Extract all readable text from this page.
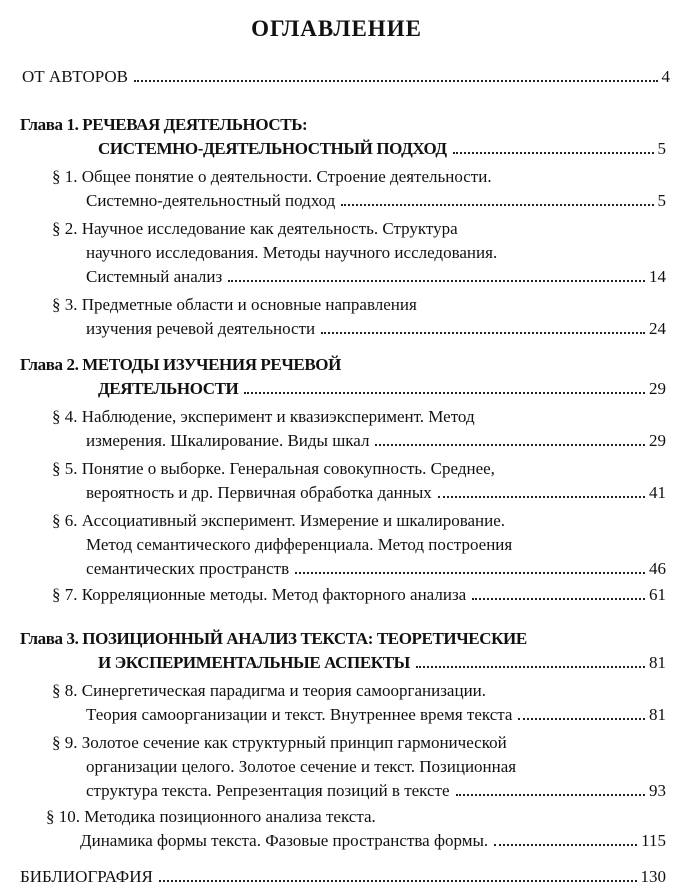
ОГЛАВЛЕНИЕ
ОТ АВТОРОВ	4
Глава 1. РЕЧЕВАЯ ДЕЯТЕЛЬНОСТЬ:
СИСТЕМНО-ДЕЯТЕЛЬНОСТНЫЙ ПОДХОД	5
§ 1. Общее понятие о деятельности. Строение деятельности.
Системно-деятельностный подход	5
§ 2. Научное исследование как деятельность. Структура
научного исследования. Методы научного исследования.
Системный анализ	14
§ 3. Предметные области и основные направления
изучения речевой деятельности	24
Глава 2. МЕТОДЫ ИЗУЧЕНИЯ РЕЧЕВОЙ
ДЕЯТЕЛЬНОСТИ	29
§ 4. Наблюдение, эксперимент и квазиэксперимент. Метод
измерения. Шкалирование. Виды шкал	29
§ 5. Понятие о выборке. Генеральная совокупность. Среднее,
вероятность и др. Первичная обработка данных	41
§ 6. Ассоциативный эксперимент. Измерение и шкалирование.
Метод семантического дифференциала. Метод построения
семантических пространств	46
§ 7. Корреляционные методы. Метод факторного анализа	61
Глава 3. ПОЗИЦИОННЫЙ АНАЛИЗ ТЕКСТА: ТЕОРЕТИЧЕСКИЕ
И ЭКСПЕРИМЕНТАЛЬНЫЕ АСПЕКТЫ	81
§ 8. Синергетическая парадигма и теория самоорганизации.
Теория самоорганизации и текст. Внутреннее время текста	81
§ 9. Золотое сечение как структурный принцип гармонической
организации целого. Золотое сечение и текст. Позиционная
структура текста. Репрезентация позиций в тексте	93
§ 10. Методика позиционного анализа текста.
Динамика формы текста. Фазовые пространства формы.	115
БИБЛИОГРАФИЯ	130
